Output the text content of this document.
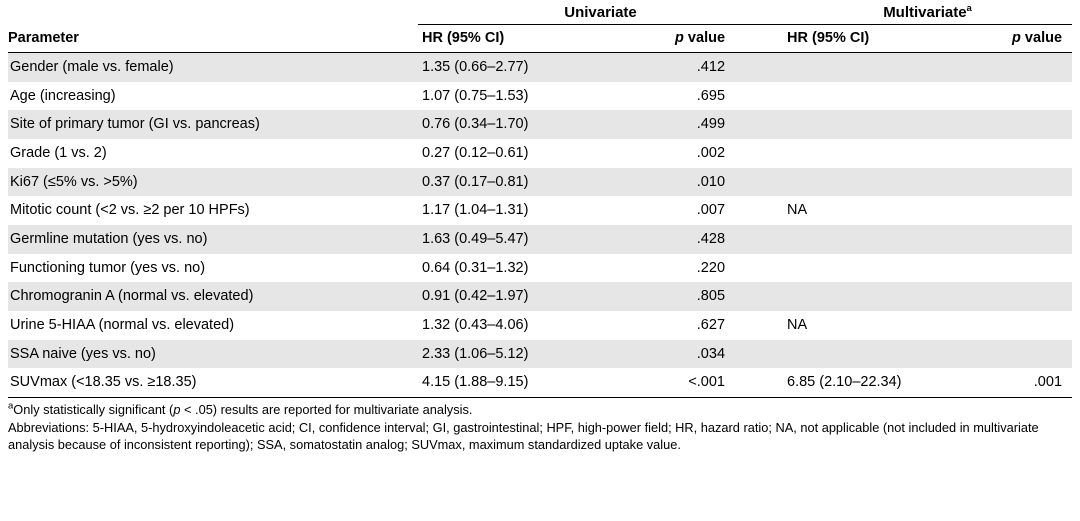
	Univariate		Multivariate$^a$
Parameter	HR (95% CI)	p value	HR (95% CI)	p value
Gender (male vs. female)	1.35 (0.66–2.77)	.412		
Age (increasing)	1.07 (0.75–1.53)	.695		
Site of primary tumor (GI vs. pancreas)	0.76 (0.34–1.70)	.499		
Grade (1 vs. 2)	0.27 (0.12–0.61)	.002		
Ki67 (≤5% vs. >5%)	0.37 (0.17–0.81)	.010		
Mitotic count (<2 vs. ≥2 per 10 HPFs)	1.17 (1.04–1.31)	.007	NA	
Germline mutation (yes vs. no)	1.63 (0.49–5.47)	.428		
Functioning tumor (yes vs. no)	0.64 (0.31–1.32)	.220		
Chromogranin A (normal vs. elevated)	0.91 (0.42–1.97)	.805		
Urine 5-HIAA (normal vs. elevated)	1.32 (0.43–4.06)	.627	NA	
SSA naive (yes vs. no)	2.33 (1.06–5.12)	.034		
SUVmax (<18.35 vs. ≥18.35)	4.15 (1.88–9.15)	<.001	6.85 (2.10–22.34)	.001

$^a$Only statistically significant (p < .05) results are reported for multivariate analysis.

Abbreviations: 5-HIAA, 5-hydroxyindoleacetic acid; CI, confidence interval; GI, gastrointestinal; HPF, high-power field; HR, hazard ratio; NA, not applicable (not included in multivariate analysis because of inconsistent reporting); SSA, somatostatin analog; SUVmax, maximum standardized uptake value.
